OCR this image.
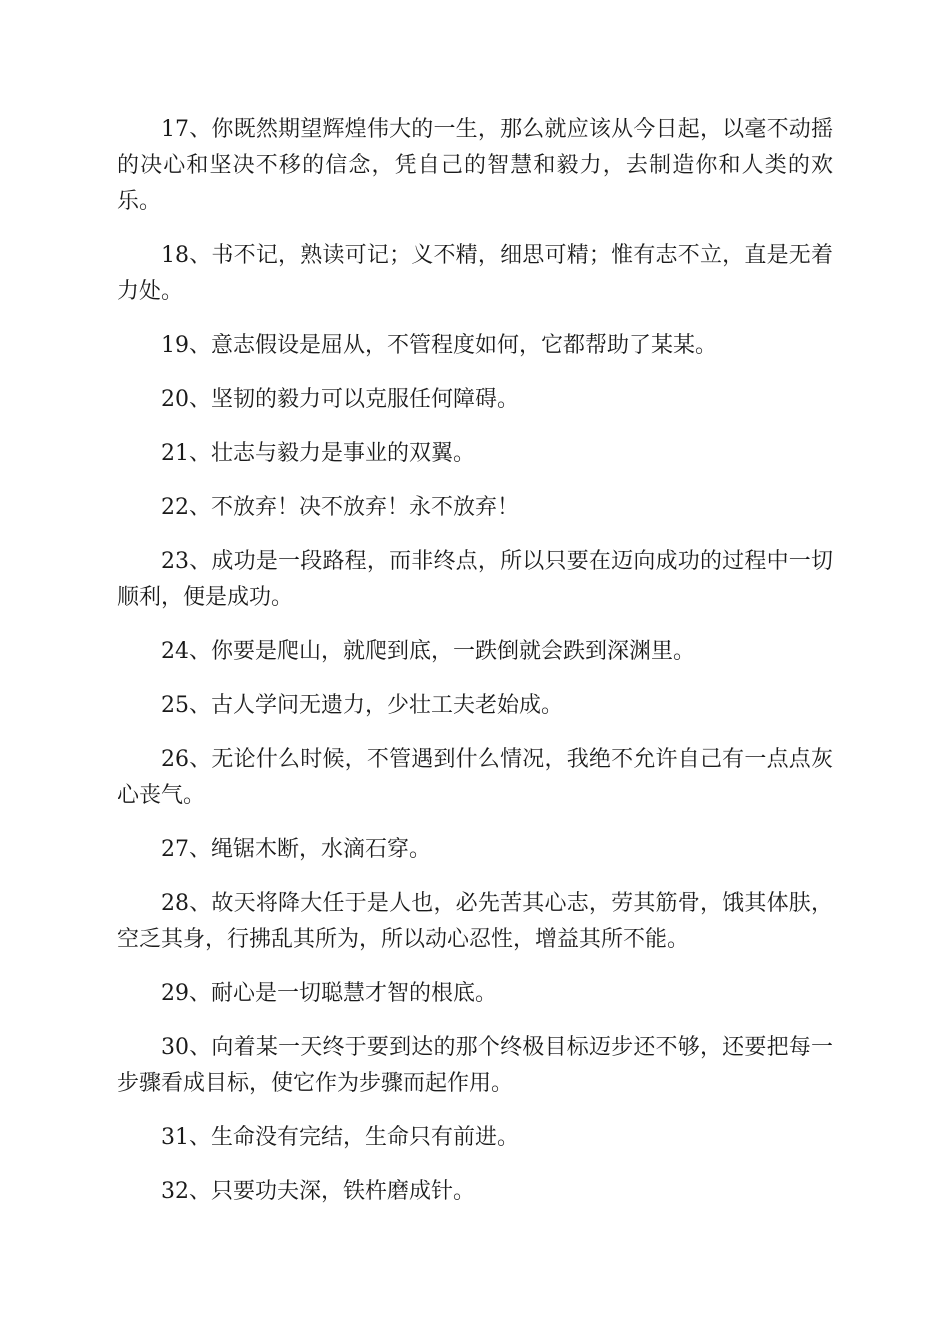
17、你既然期望辉煌伟大的一生，那么就应该从今日起，以毫不动摇的决心和坚决不移的信念，凭自己的智慧和毅力，去制造你和人类的欢乐。

18、书不记，熟读可记；义不精，细思可精；惟有志不立，直是无着力处。

19、意志假设是屈从，不管程度如何，它都帮助了某某。

20、坚韧的毅力可以克服任何障碍。

21、壮志与毅力是事业的双翼。

22、不放弃！决不放弃！永不放弃！

23、成功是一段路程，而非终点，所以只要在迈向成功的过程中一切顺利，便是成功。

24、你要是爬山，就爬到底，一跌倒就会跌到深渊里。

25、古人学问无遗力，少壮工夫老始成。

26、无论什么时候，不管遇到什么情况，我绝不允许自己有一点点灰心丧气。

27、绳锯木断，水滴石穿。

28、故天将降大任于是人也，必先苦其心志，劳其筋骨，饿其体肤，空乏其身，行拂乱其所为，所以动心忍性，增益其所不能。

29、耐心是一切聪慧才智的根底。

30、向着某一天终于要到达的那个终极目标迈步还不够，还要把每一步骤看成目标，使它作为步骤而起作用。

31、生命没有完结，生命只有前进。

32、只要功夫深，铁杵磨成针。
